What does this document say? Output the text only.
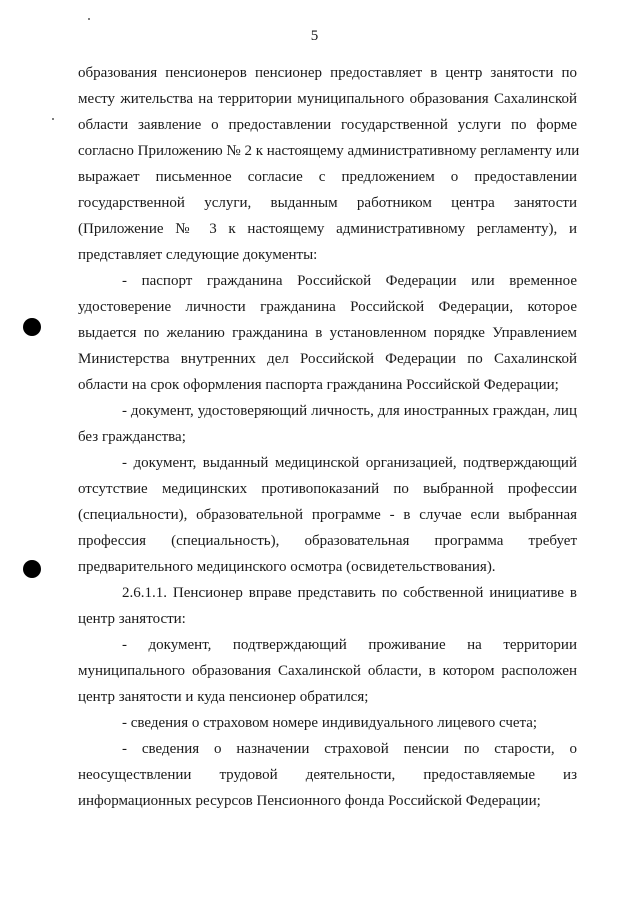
5
образования пенсионеров пенсионер предоставляет в центр занятости по
месту жительства на территории муниципального образования Сахалинской
области заявление о предоставлении государственной услуги по форме
согласно Приложению № 2 к настоящему административному регламенту или
выражает письменное согласие с предложением о предоставлении
государственной услуги, выданным работником центра занятости
(Приложение № 3 к настоящему административному регламенту), и
представляет следующие документы:
- паспорт гражданина Российской Федерации или временное
удостоверение личности гражданина Российской Федерации, которое
выдается по желанию гражданина в установленном порядке Управлением
Министерства внутренних дел Российской Федерации по Сахалинской
области на срок оформления паспорта гражданина Российской Федерации;
- документ, удостоверяющий личность, для иностранных граждан, лиц
без гражданства;
- документ, выданный медицинской организацией, подтверждающий
отсутствие медицинских противопоказаний по выбранной профессии
(специальности), образовательной программе - в случае если выбранная
профессия (специальность), образовательная программа требует
предварительного медицинского осмотра (освидетельствования).
2.6.1.1. Пенсионер вправе представить по собственной инициативе в
центр занятости:
- документ, подтверждающий проживание на территории
муниципального образования Сахалинской области, в котором расположен
центр занятости и куда пенсионер обратился;
- сведения о страховом номере индивидуального лицевого счета;
- сведения о назначении страховой пенсии по старости, о
неосуществлении трудовой деятельности, предоставляемые из
информационных ресурсов Пенсионного фонда Российской Федерации;
